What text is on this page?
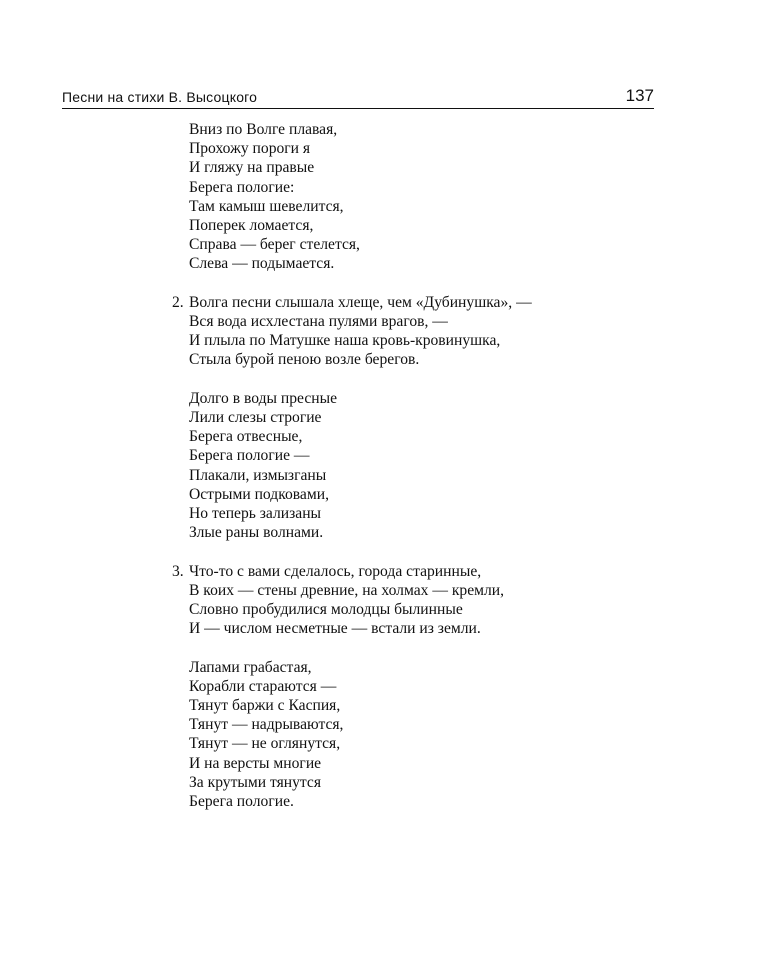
Песни на стихи В. Высоцкого	137
Вниз по Волге плавая,
Прохожу пороги я
И гляжу на правые
Берега пологие:
Там камыш шевелится,
Поперек ломается,
Справа — берег стелется,
Слева — подымается.
2. Волга песни слышала хлеще, чем «Дубинушка», —
Вся вода исхлестана пулями врагов, —
И плыла по Матушке наша кровь-кровинушка,
Стыла бурой пеною возле берегов.
Долго в воды пресные
Лили слезы строгие
Берега отвесные,
Берега пологие —
Плакали, измызганы
Острыми подковами,
Но теперь зализаны
Злые раны волнами.
3. Что-то с вами сделалось, города старинные,
В коих — стены древние, на холмах — кремли,
Словно пробудилися молодцы былинные
И — числом несметные — встали из земли.
Лапами грабастая,
Корабли стараются —
Тянут баржи с Каспия,
Тянут — надрываются,
Тянут — не оглянутся,
И на версты многие
За крутыми тянутся
Берега пологие.
